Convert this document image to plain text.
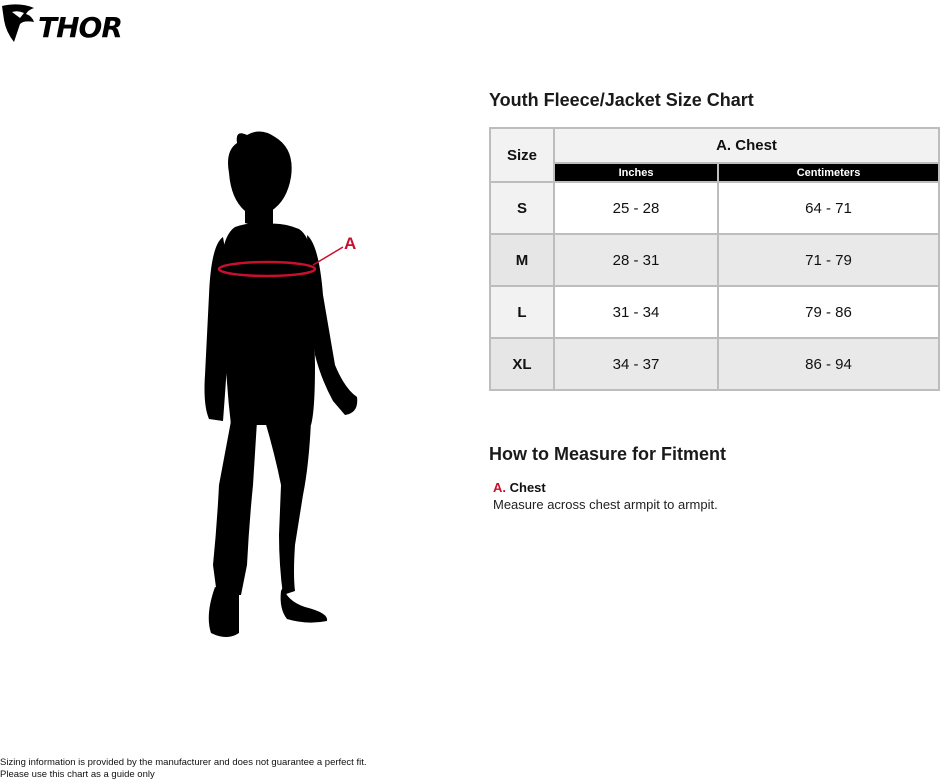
THOR
A
Youth Fleece/Jacket Size Chart
Size	A. Chest	
	Inches	Centimeters
S	25 - 28	64 - 71
M	28 - 31	71 - 79
L	31 - 34	79 - 86
XL	34 - 37	86 - 94
How to Measure for Fitment
A. Chest
Measure across chest armpit to armpit.
Sizing information is provided by the manufacturer and does not guarantee a perfect fit.
Please use this chart as a guide only
